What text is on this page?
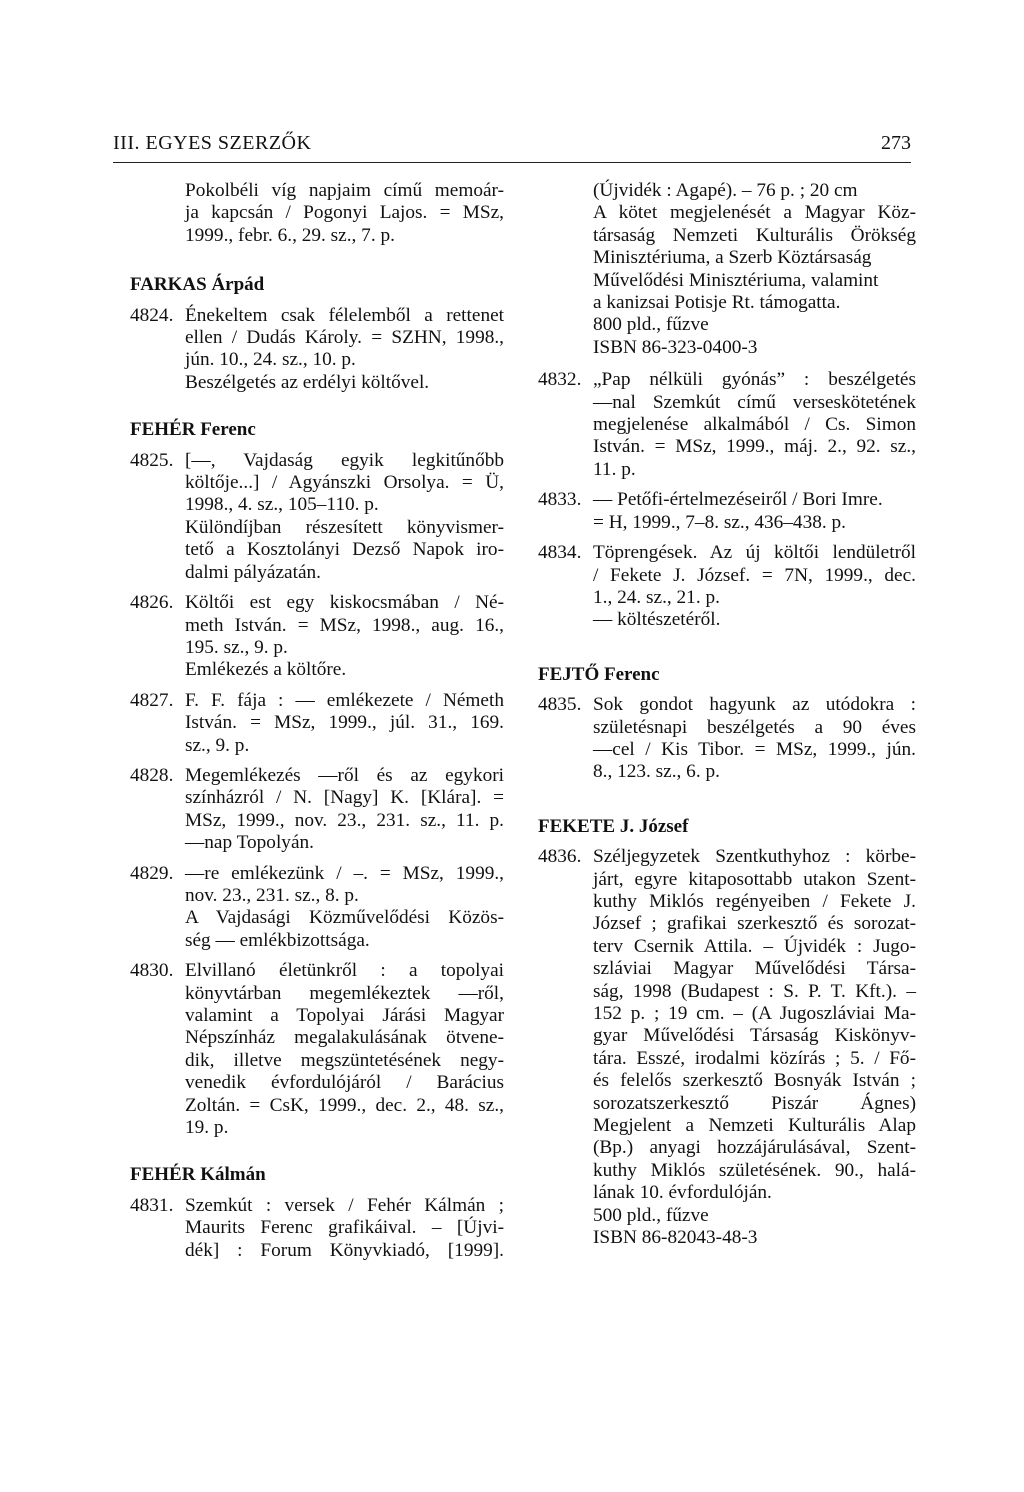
III. EGYES SZERZŐK	273
Pokolbéli víg napjaim című memoár-
ja kapcsán / Pogonyi Lajos. = MSz,
1999., febr. 6., 29. sz., 7. p.
FARKAS Árpád
4824. Énekeltem csak félelemből a rettenet
ellen / Dudás Károly. = SZHN, 1998.,
jún. 10., 24. sz., 10. p.
Beszélgetés az erdélyi költővel.
FEHÉR Ferenc
4825. [—, Vajdaság egyik legkitűnőbb
költője...] / Agyánszki Orsolya. = Ü,
1998., 4. sz., 105–110. p.
Különdíjban részesített könyvismer-
tető a Kosztolányi Dezső Napok iro-
dalmi pályázatán.
4826. Költői est egy kiskocsmában / Né-
meth István. = MSz, 1998., aug. 16.,
195. sz., 9. p.
Emlékezés a költőre.
4827. F. F. fája : — emlékezete / Németh
István. = MSz, 1999., júl. 31., 169.
sz., 9. p.
4828. Megemlékezés —ről és az egykori
színházról / N. [Nagy] K. [Klára]. =
MSz, 1999., nov. 23., 231. sz., 11. p.
—nap Topolyán.
4829. —re emlékezünk / –. = MSz, 1999.,
nov. 23., 231. sz., 8. p.
A Vajdasági Közművelődési Közös-
ség — emlékbizottsága.
4830. Elvillanó életünkről : a topolyai
könyvtárban megemlékeztek —ről,
valamint a Topolyai Járási Magyar
Népszínház megalakulásának ötvene-
dik, illetve megszüntetésének negy-
venedik évfordulójáról / Barácius
Zoltán. = CsK, 1999., dec. 2., 48. sz.,
19. p.
FEHÉR Kálmán
4831. Szemkút : versek / Fehér Kálmán ;
Maurits Ferenc grafikáival. – [Újvi-
dék] : Forum Könyvkiadó, [1999].
(Újvidék : Agapé). – 76 p. ; 20 cm
A kötet megjelenését a Magyar Köz-
társaság Nemzeti Kulturális Örökség
Minisztériuma, a Szerb Köztársaság
Művelődési Minisztériuma, valamint
a kanizsai Potisje Rt. támogatta.
800 pld., fűzve
ISBN 86-323-0400-3
4832. „Pap nélküli gyónás” : beszélgetés
—nal Szemkút című verseskötetének
megjelenése alkalmából / Cs. Simon
István. = MSz, 1999., máj. 2., 92. sz.,
11. p.
4833. — Petőfi-értelmezéseiről / Bori Imre.
= H, 1999., 7–8. sz., 436–438. p.
4834. Töprengések. Az új költői lendületről
/ Fekete J. József. = 7N, 1999., dec.
1., 24. sz., 21. p.
— költészetéről.
FEJTŐ Ferenc
4835. Sok gondot hagyunk az utódokra :
születésnapi beszélgetés a 90 éves
—cel / Kis Tibor. = MSz, 1999., jún.
8., 123. sz., 6. p.
FEKETE J. József
4836. Széljegyzetek Szentkuthyhoz : körbe-
járt, egyre kitaposottabb utakon Szent-
kuthy Miklós regényeiben / Fekete J.
József ; grafikai szerkesztő és sorozat-
terv Csernik Attila. – Újvidék : Jugo-
szláviai Magyar Művelődési Társa-
ság, 1998 (Budapest : S. P. T. Kft.). –
152 p. ; 19 cm. – (A Jugoszláviai Ma-
gyar Művelődési Társaság Kiskönyv-
tára. Esszé, irodalmi közírás ; 5. / Fő-
és felelős szerkesztő Bosnyák István ;
sorozatszerkesztő Piszár Ágnes)
Megjelent a Nemzeti Kulturális Alap
(Bp.) anyagi hozzájárulásával, Szent-
kuthy Miklós születésének. 90., halá-
lának 10. évfordulóján.
500 pld., fűzve
ISBN 86-82043-48-3
